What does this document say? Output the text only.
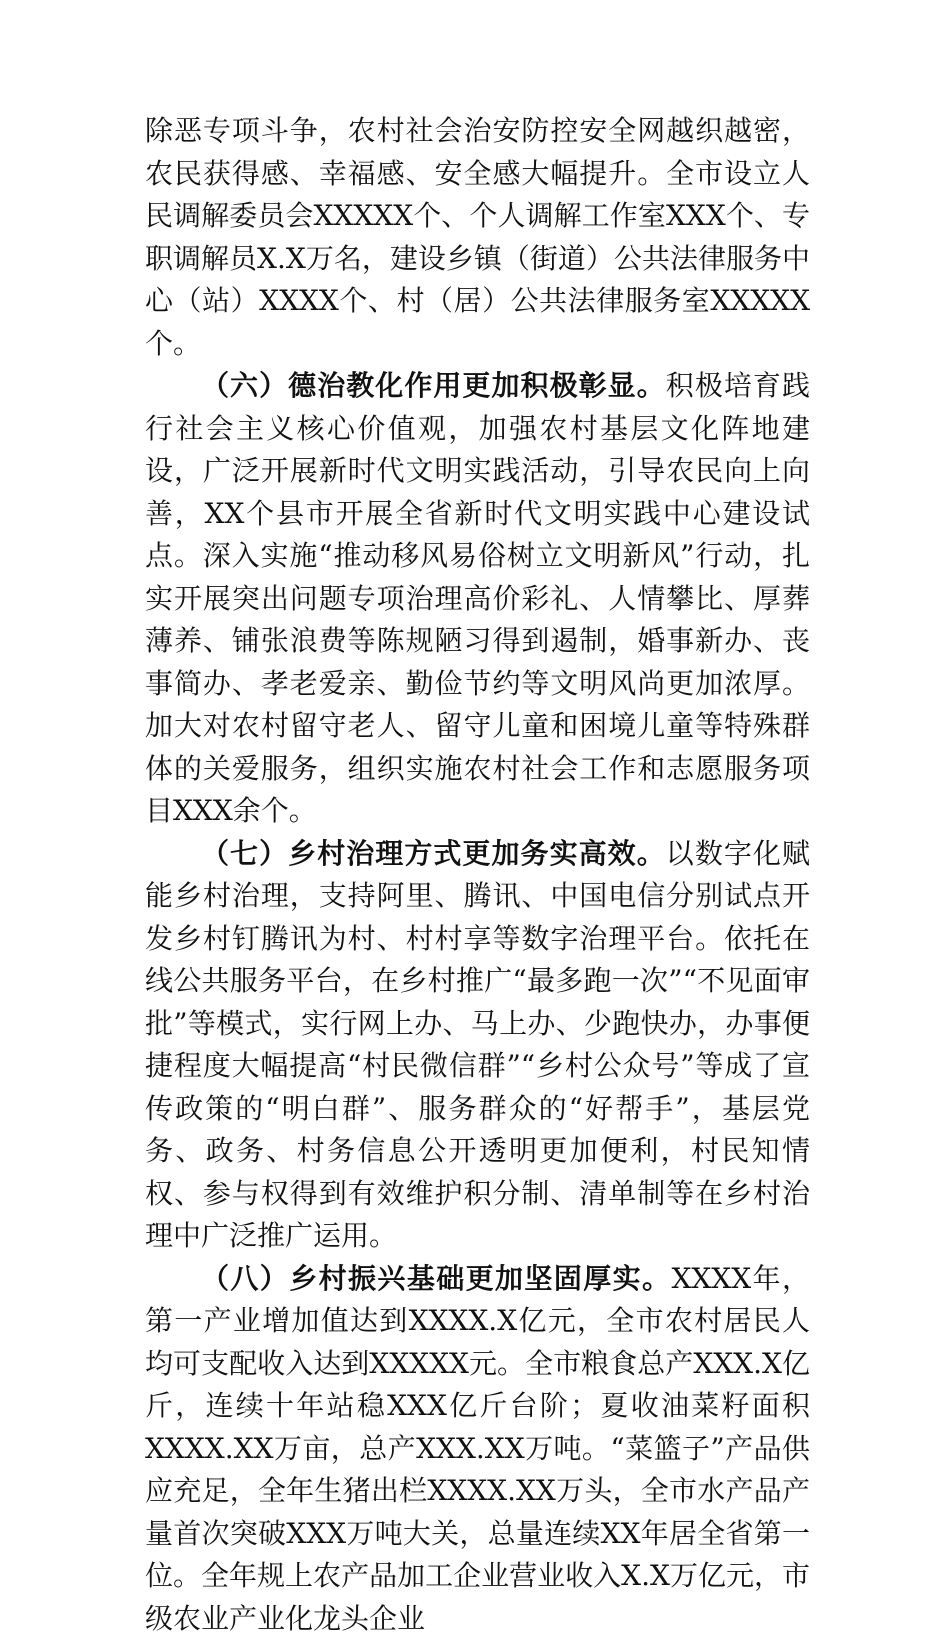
除恶专项斗争，农村社会治安防控安全网越织越密，农民获得感、幸福感、安全感大幅提升。全市设立人民调解委员会XXXXX个、个人调解工作室XXX个、专职调解员X.X万名，建设乡镇（街道）公共法律服务中心（站）XXXX个、村（居）公共法律服务室XXXXX个。

（六）德治教化作用更加积极彰显。积极培育践行社会主义核心价值观，加强农村基层文化阵地建设，广泛开展新时代文明实践活动，引导农民向上向善，XX个县市开展全省新时代文明实践中心建设试点。深入实施“推动移风易俗树立文明新风”行动，扎实开展突出问题专项治理高价彩礼、人情攀比、厚葬薄养、铺张浪费等陈规陋习得到遏制，婚事新办、丧事简办、孝老爱亲、勤俭节约等文明风尚更加浓厚。加大对农村留守老人、留守儿童和困境儿童等特殊群体的关爱服务，组织实施农村社会工作和志愿服务项目XXX余个。

（七）乡村治理方式更加务实高效。以数字化赋能乡村治理，支持阿里、腾讯、中国电信分别试点开发乡村钉腾讯为村、村村享等数字治理平台。依托在线公共服务平台，在乡村推广“最多跑一次”“不见面审批”等模式，实行网上办、马上办、少跑快办，办事便捷程度大幅提高“村民微信群”“乡村公众号”等成了宣传政策的“明白群”、服务群众的“好帮手”，基层党务、政务、村务信息公开透明更加便利，村民知情权、参与权得到有效维护积分制、清单制等在乡村治理中广泛推广运用。

（八）乡村振兴基础更加坚固厚实。XXXX年，第一产业增加值达到XXXX.X亿元，全市农村居民人均可支配收入达到XXXXX元。全市粮食总产XXX.X亿斤，连续十年站稳XXX亿斤台阶；夏收油菜籽面积XXXX.XX万亩，总产XXX.XX万吨。“菜篮子”产品供应充足，全年生猪出栏XXXX.XX万头，全市水产品产量首次突破XXX万吨大关，总量连续XX年居全省第一位。全年规上农产品加工企业营业收入X.X万亿元，市级农业产业化龙头企业
